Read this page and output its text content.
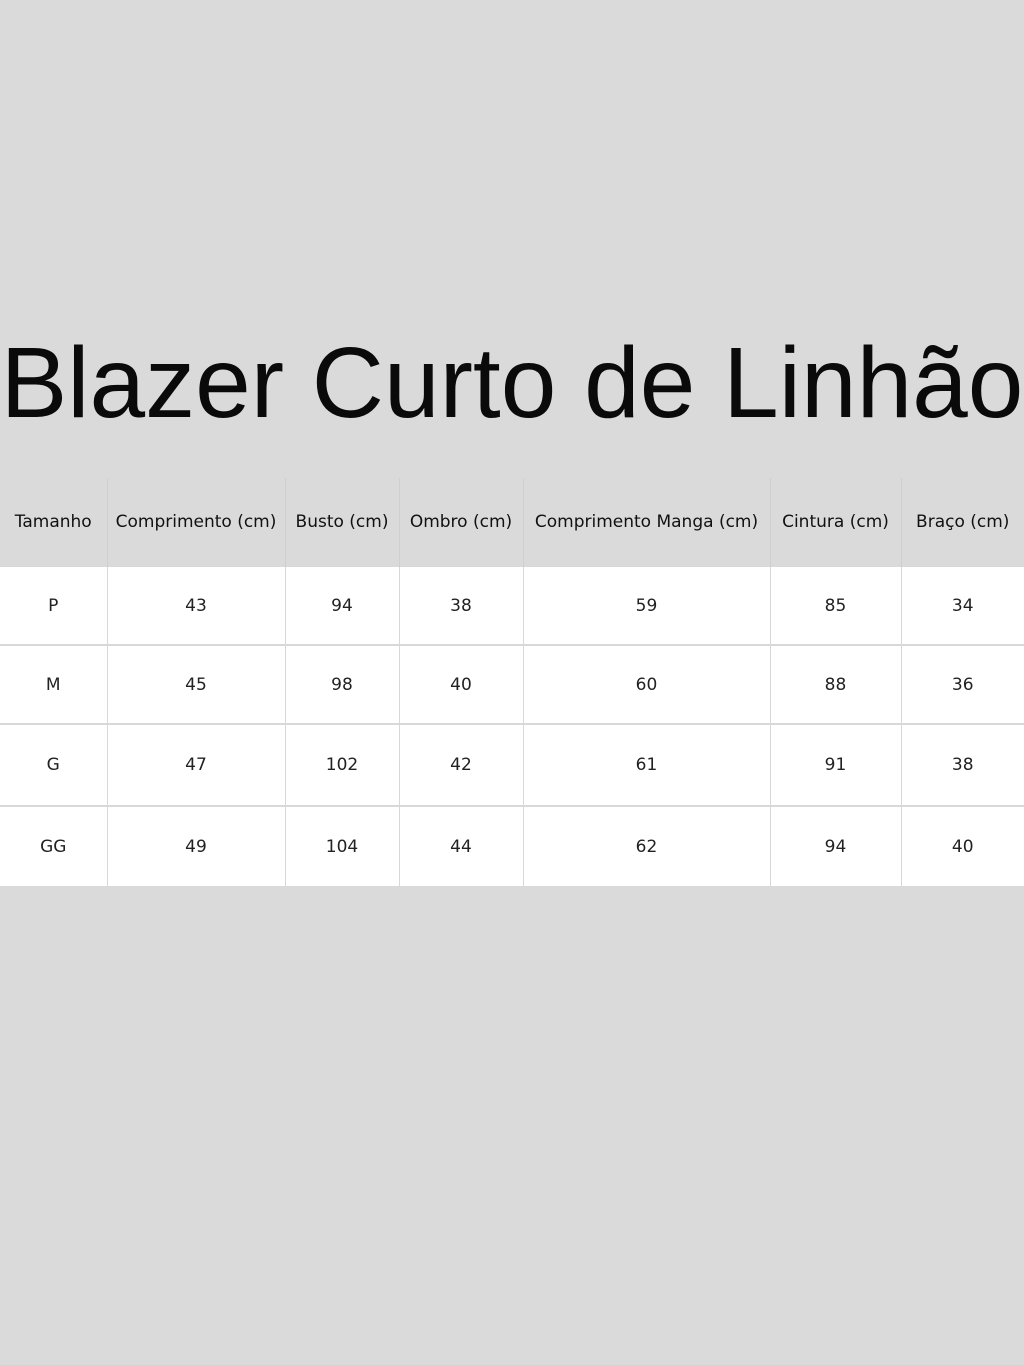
Blazer Curto de Linhão
Tamanho	Comprimento (cm)	Busto (cm)	Ombro (cm)	Comprimento Manga (cm)	Cintura (cm)	Braço (cm)
P	43	94	38	59	85	34
M	45	98	40	60	88	36
G	47	102	42	61	91	38
GG	49	104	44	62	94	40
